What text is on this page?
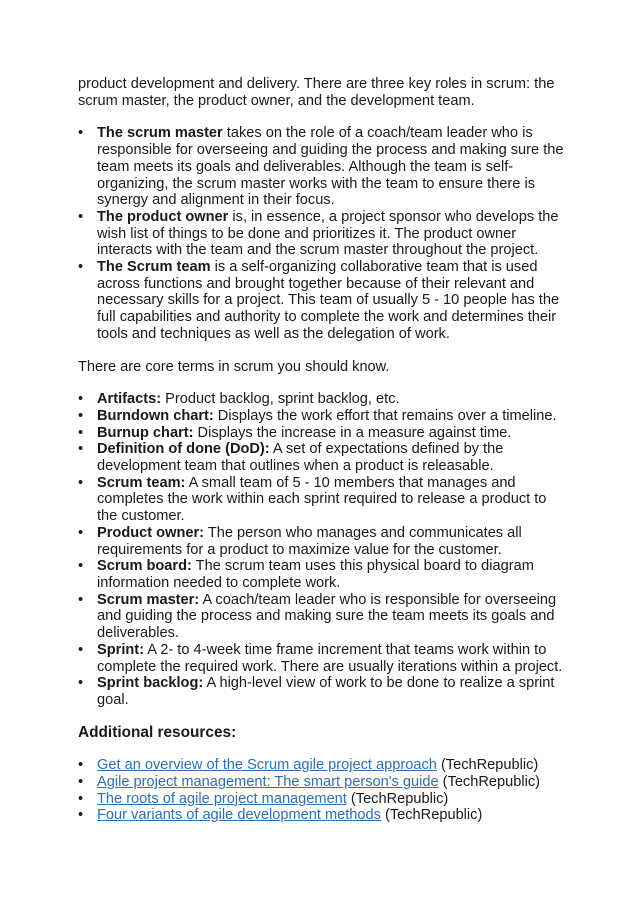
product development and delivery. There are three key roles in scrum: the scrum master, the product owner, and the development team.

• The scrum master takes on the role of a coach/team leader who is responsible for overseeing and guiding the process and making sure the team meets its goals and deliverables. Although the team is self-organizing, the scrum master works with the team to ensure there is synergy and alignment in their focus.
• The product owner is, in essence, a project sponsor who develops the wish list of things to be done and prioritizes it. The product owner interacts with the team and the scrum master throughout the project.
• The Scrum team is a self-organizing collaborative team that is used across functions and brought together because of their relevant and necessary skills for a project. This team of usually 5 - 10 people has the full capabilities and authority to complete the work and determines their tools and techniques as well as the delegation of work.

There are core terms in scrum you should know.

• Artifacts: Product backlog, sprint backlog, etc.
• Burndown chart: Displays the work effort that remains over a timeline.
• Burnup chart: Displays the increase in a measure against time.
• Definition of done (DoD): A set of expectations defined by the development team that outlines when a product is releasable.
• Scrum team: A small team of 5 - 10 members that manages and completes the work within each sprint required to release a product to the customer.
• Product owner: The person who manages and communicates all requirements for a product to maximize value for the customer.
• Scrum board: The scrum team uses this physical board to diagram information needed to complete work.
• Scrum master: A coach/team leader who is responsible for overseeing and guiding the process and making sure the team meets its goals and deliverables.
• Sprint: A 2- to 4-week time frame increment that teams work within to complete the required work. There are usually iterations within a project.
• Sprint backlog: A high-level view of work to be done to realize a sprint goal.

Additional resources:

• Get an overview of the Scrum agile project approach (TechRepublic)
• Agile project management: The smart person's guide (TechRepublic)
• The roots of agile project management (TechRepublic)
• Four variants of agile development methods (TechRepublic)
